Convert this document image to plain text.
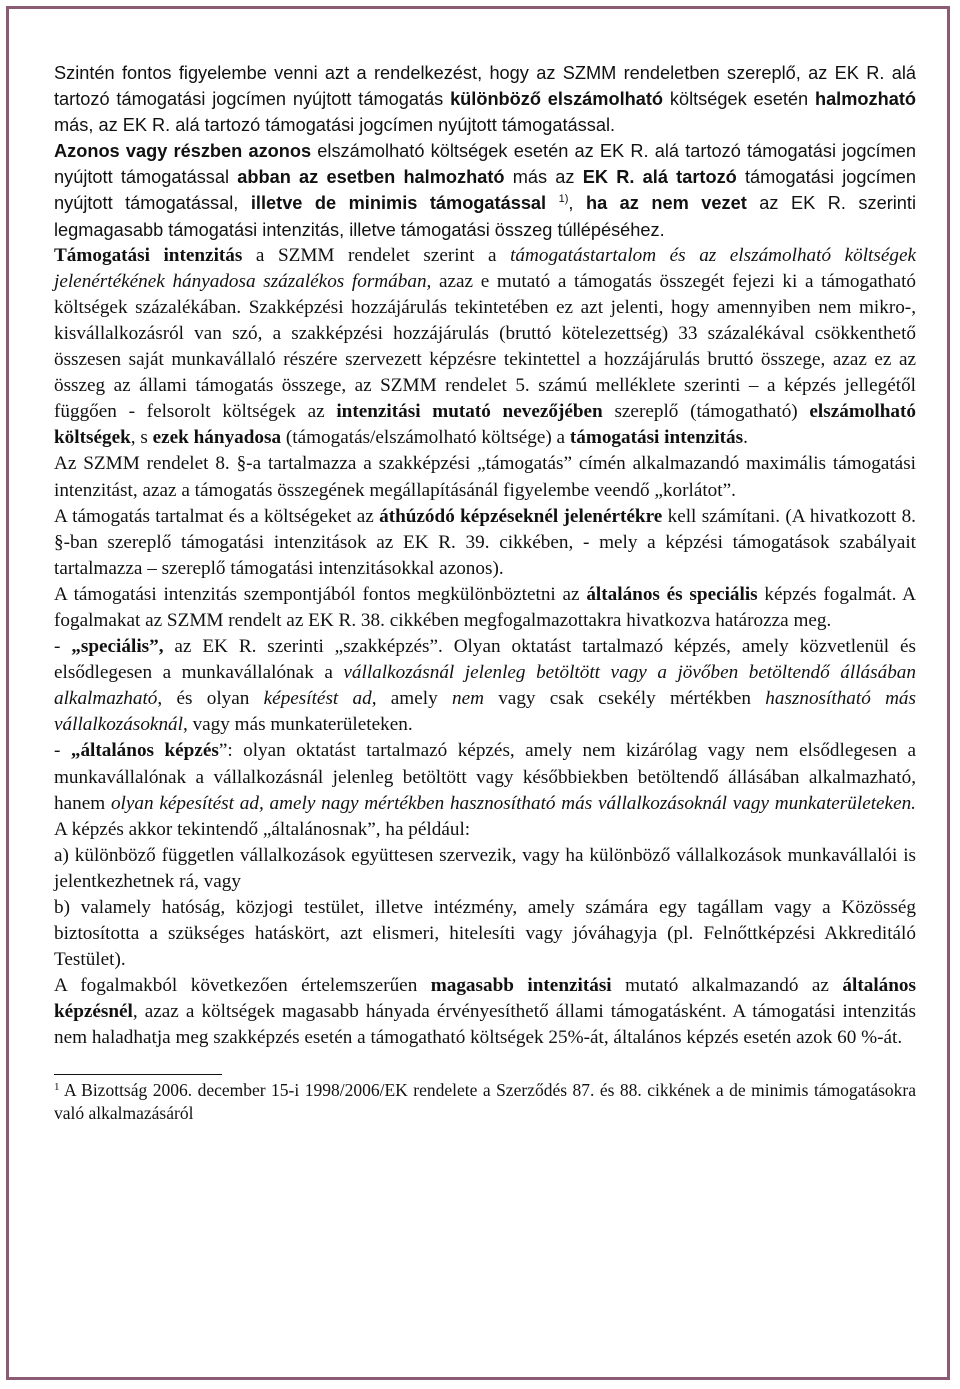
Szintén fontos figyelembe venni azt a rendelkezést, hogy az SZMM rendeletben szereplő, az EK R. alá tartozó támogatási jogcímen nyújtott támogatás különböző elszámolható költségek esetén halmozható más, az EK R. alá tartozó támogatási jogcímen nyújtott támogatással.
Azonos vagy részben azonos elszámolható költségek esetén az EK R. alá tartozó támogatási jogcímen nyújtott támogatással abban az esetben halmozható más az EK R. alá tartozó támogatási jogcímen nyújtott támogatással, illetve de minimis támogatással $^{1)}$, ha az nem vezet az EK R. szerinti legmagasabb támogatási intenzitás, illetve támogatási összeg túllépéséhez.

Támogatási intenzitás a SZMM rendelet szerint a támogatástartalom és az elszámolható költségek jelenértékének hányadosa százalékos formában, azaz e mutató a támogatás összegét fejezi ki a támogatható költségek százalékában. Szakképzési hozzájárulás tekintetében ez azt jelenti, hogy amennyiben nem mikro-, kisvállalkozásról van szó, a szakképzési hozzájárulás (bruttó kötelezettség) 33 százalékával csökkenthető összesen saját munkavállaló részére szervezett képzésre tekintettel a hozzájárulás bruttó összege, azaz ez az összeg az állami támogatás összege, az SZMM rendelet 5. számú melléklete szerinti – a képzés jellegétől függően - felsorolt költségek az intenzitási mutató nevezőjében szereplő (támogatható) elszámolható költségek, s ezek hányadosa (támogatás/elszámolható költsége) a támogatási intenzitás.

Az SZMM rendelet 8. §-a tartalmazza a szakképzési „támogatás” címén alkalmazandó maximális támogatási intenzitást, azaz a támogatás összegének megállapításánál figyelembe veendő „korlátot”.

A támogatás tartalmat és a költségeket az áthúzódó képzéseknél jelenértékre kell számítani. (A hivatkozott 8. §-ban szereplő támogatási intenzitások az EK R. 39. cikkében, - mely a képzési támogatások szabályait tartalmazza – szereplő támogatási intenzitásokkal azonos).

A támogatási intenzitás szempontjából fontos megkülönböztetni az általános és speciális képzés fogalmát. A fogalmakat az SZMM rendelt az EK R. 38. cikkében megfogalmazottakra hivatkozva határozza meg.

- „speciális”, az EK R. szerinti „szakképzés”. Olyan oktatást tartalmazó képzés, amely közvetlenül és elsődlegesen a munkavállalónak a vállalkozásnál jelenleg betöltött vagy a jövőben betöltendő állásában alkalmazható, és olyan képesítést ad, amely nem vagy csak csekély mértékben hasznosítható más vállalkozásoknál, vagy más munkaterületeken.

- „általános képzés”: olyan oktatást tartalmazó képzés, amely nem kizárólag vagy nem elsődlegesen a munkavállalónak a vállalkozásnál jelenleg betöltött vagy későbbiekben betöltendő állásában alkalmazható, hanem olyan képesítést ad, amely nagy mértékben hasznosítható más vállalkozásoknál vagy munkaterületeken. A képzés akkor tekintendő „általánosnak”, ha például:

a) különböző független vállalkozások együttesen szervezik, vagy ha különböző vállalkozások munkavállalói is jelentkezhetnek rá, vagy

b) valamely hatóság, közjogi testület, illetve intézmény, amely számára egy tagállam vagy a Közösség biztosította a szükséges hatáskört, azt elismeri, hitelesíti vagy jóváhagyja (pl. Felnőttképzési Akkreditáló Testület).

A fogalmakból következően értelemszerűen magasabb intenzitási mutató alkalmazandó az általános képzésnél, azaz a költségek magasabb hányada érvényesíthető állami támogatásként. A támogatási intenzitás nem haladhatja meg szakképzés esetén a támogatható költségek 25%-át, általános képzés esetén azok 60 %-át.

$^1$ A Bizottság 2006. december 15-i 1998/2006/EK rendelete a Szerződés 87. és 88. cikkének a de minimis támogatásokra való alkalmazásáról
